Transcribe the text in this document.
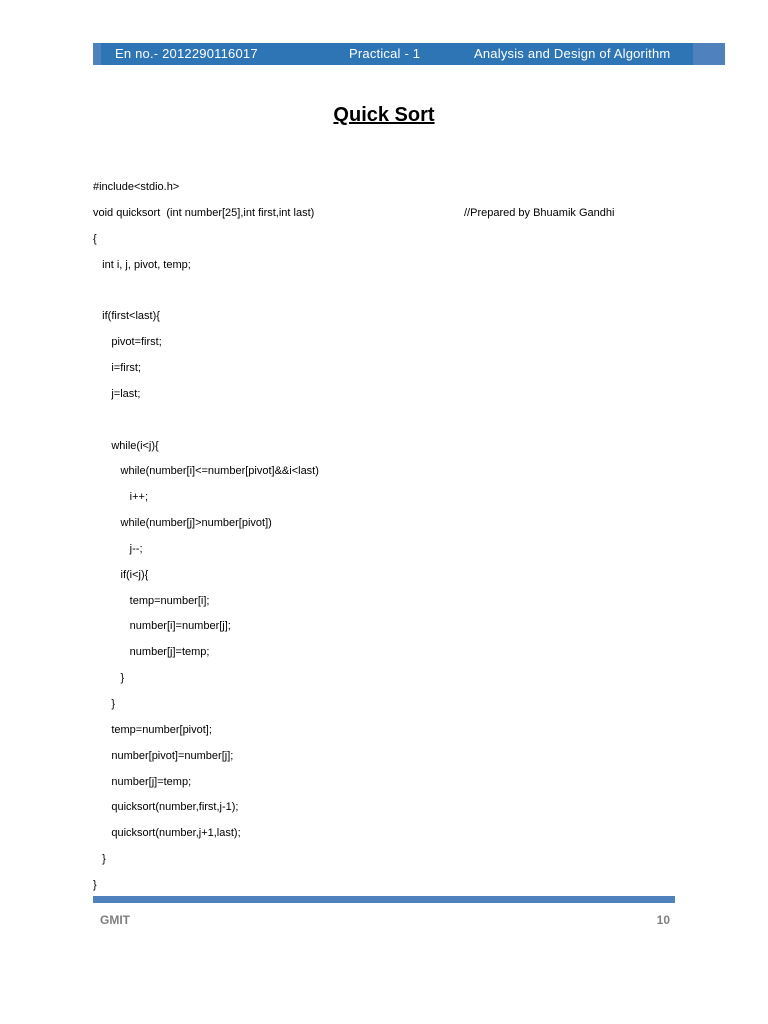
En no.- 2012290116017	Practical - 1	Analysis and Design of Algorithm
Quick Sort
#include<stdio.h>
void quicksort  (int number[25],int first,int last)
{
int i, j, pivot, temp;
if(first<last){
pivot=first;
i=first;
j=last;
while(i<j){
while(number[i]<=number[pivot]&&i<last)
i++;
while(number[j]>number[pivot])
j--;
if(i<j){
temp=number[i];
number[i]=number[j];
number[j]=temp;
}
}
temp=number[pivot];
number[pivot]=number[j];
number[j]=temp;
quicksort(number,first,j-1);
quicksort(number,j+1,last);
}
}
//Prepared by Bhuamik Gandhi
GMIT	10
